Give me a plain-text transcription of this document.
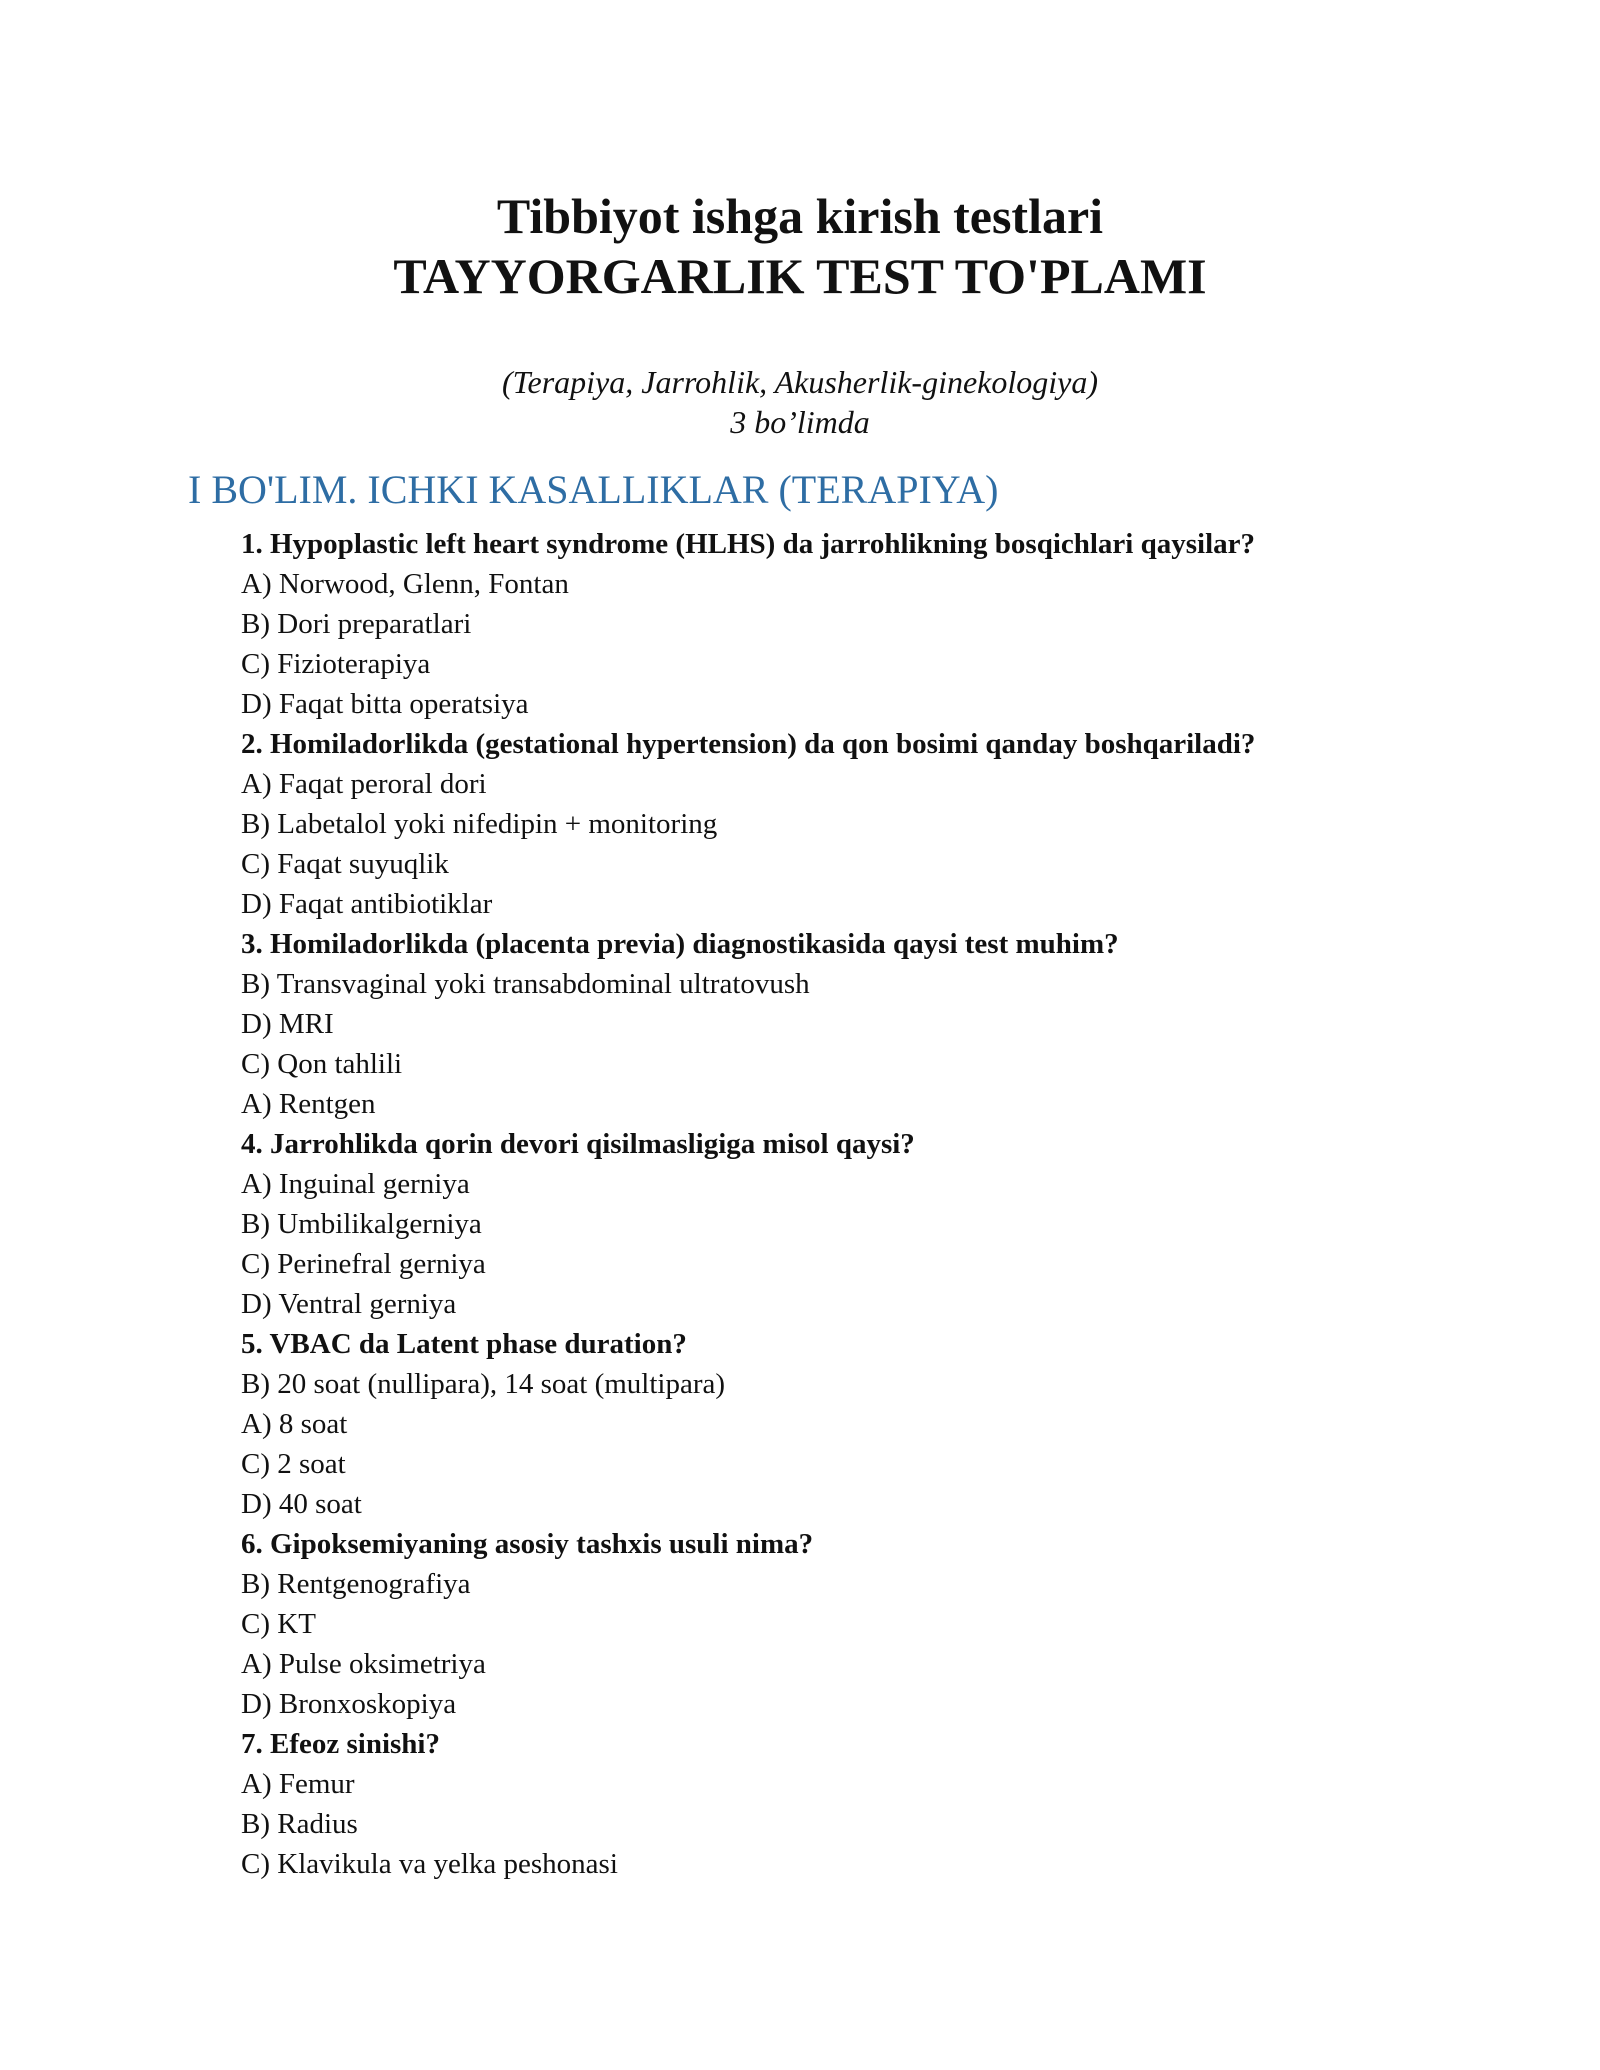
Tibbiyot ishga kirish testlari
TAYYORGARLIK TEST TO'PLAMI
(Terapiya, Jarrohlik, Akusherlik-ginekologiya)
3 bo’limda
I BO'LIM. ICHKI KASALLIKLAR (TERAPIYA)
1. Hypoplastic left heart syndrome (HLHS) da jarrohlikning bosqichlari qaysilar?
A) Norwood, Glenn, Fontan
B) Dori preparatlari
C) Fizioterapiya
D) Faqat bitta operatsiya
2. Homiladorlikda (gestational hypertension) da qon bosimi qanday boshqariladi?
A) Faqat peroral dori
B) Labetalol yoki nifedipin + monitoring
C) Faqat suyuqlik
D) Faqat antibiotiklar
3. Homiladorlikda (placenta previa) diagnostikasida qaysi test muhim?
B) Transvaginal yoki transabdominal ultratovush
D) MRI
C) Qon tahlili
A) Rentgen
4. Jarrohlikda qorin devori qisilmasligiga misol qaysi?
A) Inguinal gerniya
B) Umbilikalgerniya
C) Perinefral gerniya
D) Ventral gerniya
5. VBAC da Latent phase duration?
B) 20 soat (nullipara), 14 soat (multipara)
A) 8 soat
C) 2 soat
D) 40 soat
6. Gipoksemiyaning asosiy tashxis usuli nima?
B) Rentgenografiya
C) KT
A) Pulse oksimetriya
D) Bronxoskopiya
7. Efeoz sinishi?
A) Femur
B) Radius
C) Klavikula va yelka peshonasi
